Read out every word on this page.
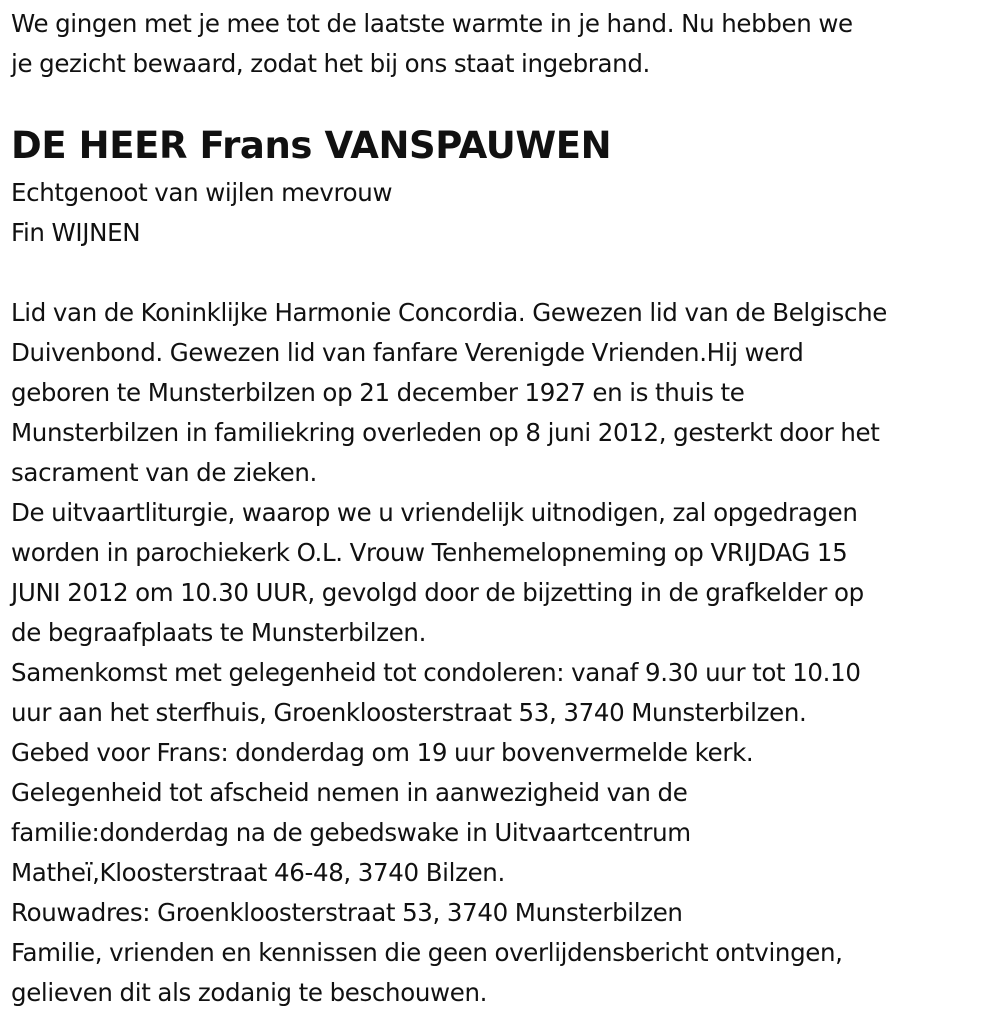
We gingen met je mee tot de laatste warmte in je hand. Nu hebben we
je gezicht bewaard, zodat het bij ons staat ingebrand.
DE HEER Frans VANSPAUWEN
Echtgenoot van wijlen mevrouw
Fin WIJNEN
Lid van de Koninklijke Harmonie Concordia. Gewezen lid van de Belgische
Duivenbond. Gewezen lid van fanfare Verenigde Vrienden.Hij werd
geboren te Munsterbilzen op 21 december 1927 en is thuis te
Munsterbilzen in familiekring overleden op 8 juni 2012, gesterkt door het
sacrament van de zieken.
De uitvaartliturgie, waarop we u vriendelijk uitnodigen, zal opgedragen
worden in parochiekerk O.L. Vrouw Tenhemelopneming op VRIJDAG 15
JUNI 2012 om 10.30 UUR, gevolgd door de bijzetting in de grafkelder op
de begraafplaats te Munsterbilzen.
Samenkomst met gelegenheid tot condoleren: vanaf 9.30 uur tot 10.10
uur aan het sterfhuis, Groenkloosterstraat 53, 3740 Munsterbilzen.
Gebed voor Frans: donderdag om 19 uur bovenvermelde kerk.
Gelegenheid tot afscheid nemen in aanwezigheid van de
familie:donderdag na de gebedswake in Uitvaartcentrum
Matheï,Kloosterstraat 46-48, 3740 Bilzen.
Rouwadres: Groenkloosterstraat 53, 3740 Munsterbilzen
Familie, vrienden en kennissen die geen overlijdensbericht ontvingen,
gelieven dit als zodanig te beschouwen.
